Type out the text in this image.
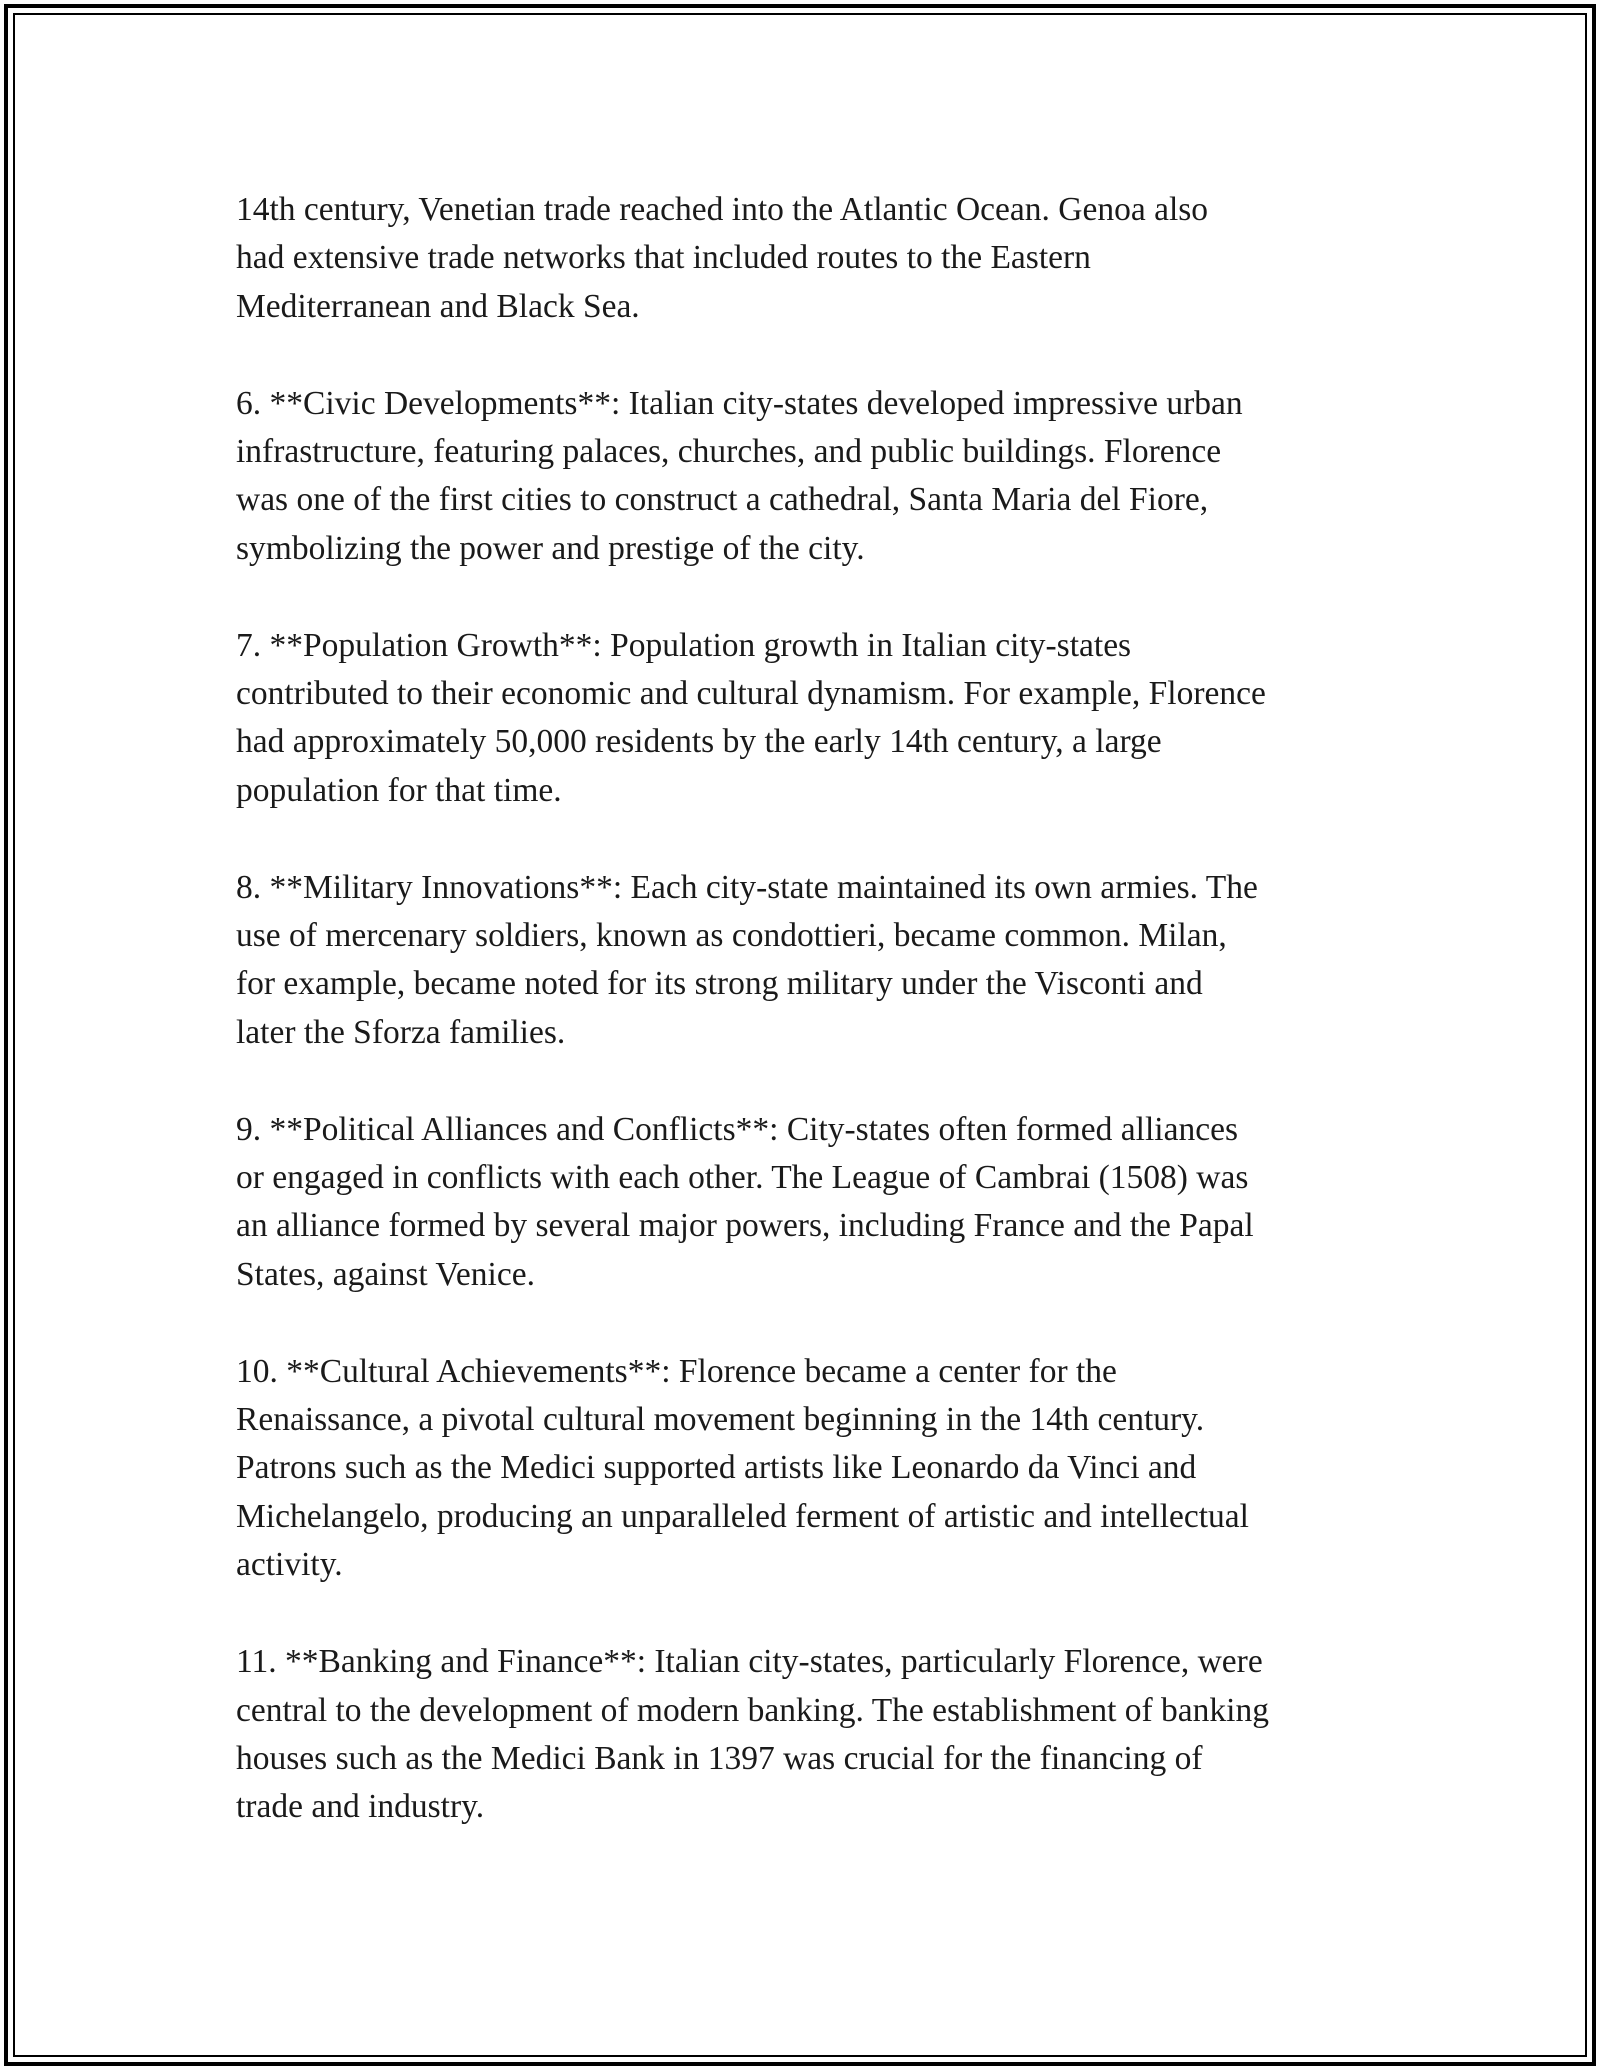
14th century, Venetian trade reached into the Atlantic Ocean. Genoa also
had extensive trade networks that included routes to the Eastern
Mediterranean and Black Sea.

6. **Civic Developments**: Italian city-states developed impressive urban
infrastructure, featuring palaces, churches, and public buildings. Florence
was one of the first cities to construct a cathedral, Santa Maria del Fiore,
symbolizing the power and prestige of the city.

7. **Population Growth**: Population growth in Italian city-states
contributed to their economic and cultural dynamism. For example, Florence
had approximately 50,000 residents by the early 14th century, a large
population for that time.

8. **Military Innovations**: Each city-state maintained its own armies. The
use of mercenary soldiers, known as condottieri, became common. Milan,
for example, became noted for its strong military under the Visconti and
later the Sforza families.

9. **Political Alliances and Conflicts**: City-states often formed alliances
or engaged in conflicts with each other. The League of Cambrai (1508) was
an alliance formed by several major powers, including France and the Papal
States, against Venice.

10. **Cultural Achievements**: Florence became a center for the
Renaissance, a pivotal cultural movement beginning in the 14th century.
Patrons such as the Medici supported artists like Leonardo da Vinci and
Michelangelo, producing an unparalleled ferment of artistic and intellectual
activity.

11. **Banking and Finance**: Italian city-states, particularly Florence, were
central to the development of modern banking. The establishment of banking
houses such as the Medici Bank in 1397 was crucial for the financing of
trade and industry.
